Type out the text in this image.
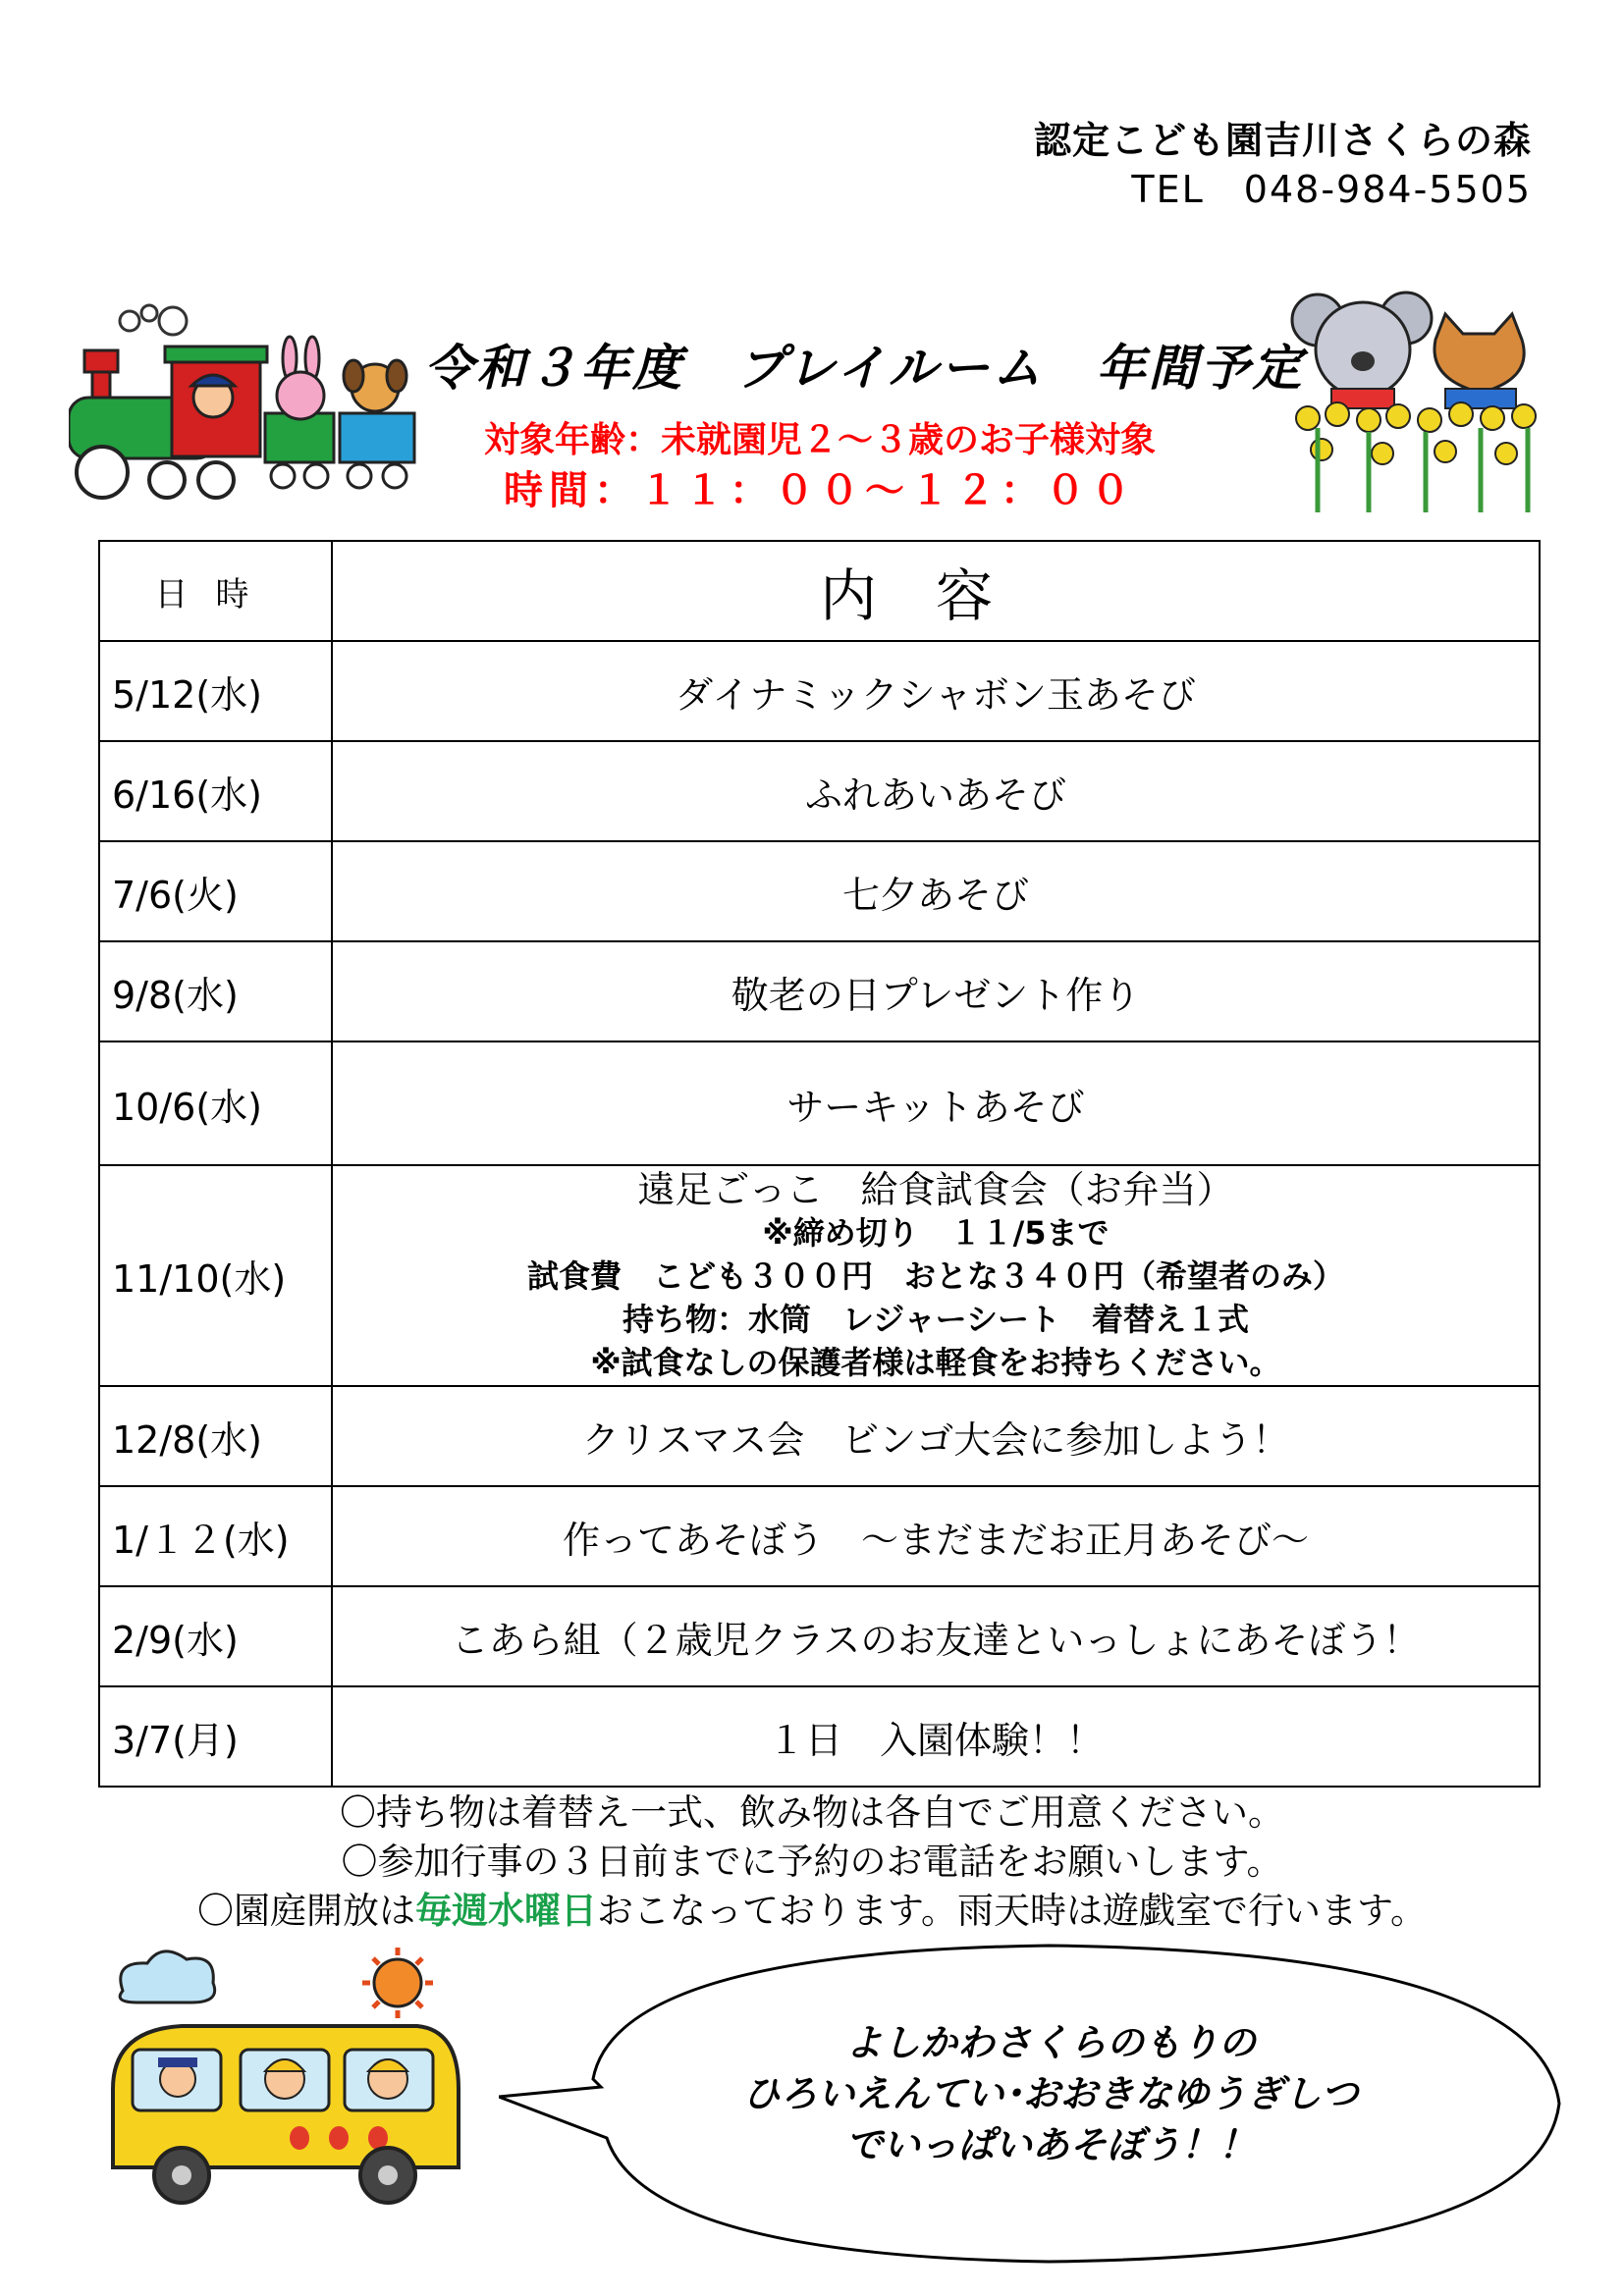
認定こども園吉川さくらの森
TEL　048-984-5505
令和３年度　プレイルーム　年間予定
対象年齢：未就園児２～３歳のお子様対象
時間：１１：００～１２：００
日時	内容
5/12(水)	ダイナミックシャボン玉あそび
6/16(水)	ふれあいあそび
7/6(火)	七夕あそび
9/8(水)	敬老の日プレゼント作り
10/6(水)	サーキットあそび
11/10(水)	遠足ごっこ　給食試食会（お弁当）
※締め切り　１１/5まで
試食費　こども３００円　おとな３４０円（希望者のみ）
持ち物：水筒　レジャーシート　着替え１式
※試食なしの保護者様は軽食をお持ちください。

12/8(水)	クリスマス会　ビンゴ大会に参加しよう！
1/１２(水)	作ってあそぼう　～まだまだお正月あそび～
2/9(水)	こあら組（２歳児クラスのお友達といっしょにあそぼう！
3/7(月)	１日　入園体験！！
〇持ち物は着替え一式、飲み物は各自でご用意ください。
〇参加行事の３日前までに予約のお電話をお願いします。
〇園庭開放は毎週水曜日おこなっております。雨天時は遊戯室で行います。
よしかわさくらのもりの
ひろいえんてい･おおきなゆうぎしつ
でいっぱいあそぼう！！
